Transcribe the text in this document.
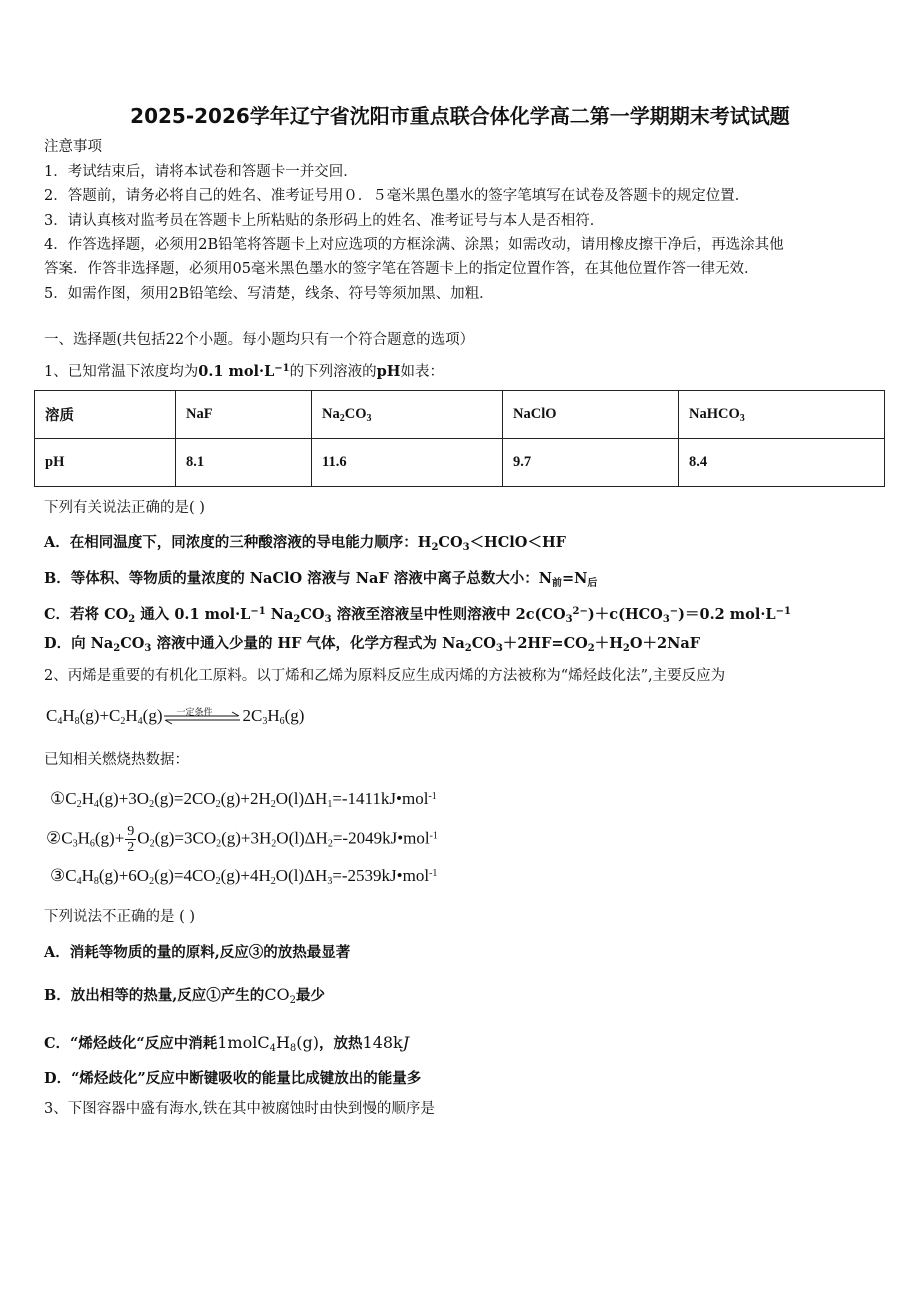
2025-2026学年辽宁省沈阳市重点联合体化学高二第一学期期末考试试题
注意事项
1．考试结束后，请将本试卷和答题卡一并交回．
2．答题前，请务必将自己的姓名、准考证号用０．５毫米黑色墨水的签字笔填写在试卷及答题卡的规定位置．
3．请认真核对监考员在答题卡上所粘贴的条形码上的姓名、准考证号与本人是否相符．
4．作答选择题，必须用2B铅笔将答题卡上对应选项的方框涂满、涂黑；如需改动，请用橡皮擦干净后，再选涂其他
答案．作答非选择题，必须用05毫米黑色墨水的签字笔在答题卡上的指定位置作答，在其他位置作答一律无效．
5．如需作图，须用2B铅笔绘、写清楚，线条、符号等须加黑、加粗．
一、选择题(共包括22个小题。每小题均只有一个符合题意的选项）
1、已知常温下浓度均为0.1 $mol\cdot L^{-1}$的下列溶液的pH如表：
溶质	NaF	$Na_2CO_3$	NaClO	NaHCO$_3$
pH	8.1	11.6	9.7	8.4
下列有关说法正确的是( )
A．在相同温度下，同浓度的三种酸溶液的导电能力顺序：$H_2CO_3<HClO<HF$
B．等体积、等物质的量浓度的 NaClO 溶液与 NaF 溶液中离子总数大小：$N_前=N_后$
C．若将 $CO_2$ 通入 0.1 $mol\cdot L^{-1}$ $Na_2CO_3$ 溶液至溶液呈中性则溶液中 $2c(CO_3^{2-})+c(HCO_3^-)=0.2$ $mol\cdot L^{-1}$
D．向 $Na_2CO_3$ 溶液中通入少量的 HF 气体，化学方程式为 $Na_2CO_3+2HF=CO_2+H_2O+2NaF$
2、丙烯是重要的有机化工原料。以丁烯和乙烯为原料反应生成丙烯的方法被称为“烯烃歧化法”,主要反应为
$C_4H_8(g)+C_2H_4(g)$ 一定条件 $2C_3H_6(g)$
已知相关燃烧热数据：
$①C_2H_4(g)+3O_2(g)=2CO_2(g)+2H_2O(l)\Delta H_1=-1411kJ•mol^{-1}$
$②C_3H_6(g)+ \frac{9}{2}$ $O_2(g)=3CO_2(g)+3H_2O(l)\Delta H_2=-2049kJ•mol^{-1}$
$③C_4H_8(g)+6O_2(g)=4CO_2(g)+4H_2O(l)\Delta H_3=-2539kJ•mol^{-1}$
下列说法不正确的是 ( )
A．消耗等物质的量的原料,反应③的放热最显著
B．放出相等的热量,反应①产生的$CO_2$最少
C．“烯烃歧化“反应中消耗$1molC_4H_8(g)$，放热148kJ
D．“烯烃歧化”反应中断键吸收的能量比成键放出的能量多
3、下图容器中盛有海水,铁在其中被腐蚀时由快到慢的顺序是
